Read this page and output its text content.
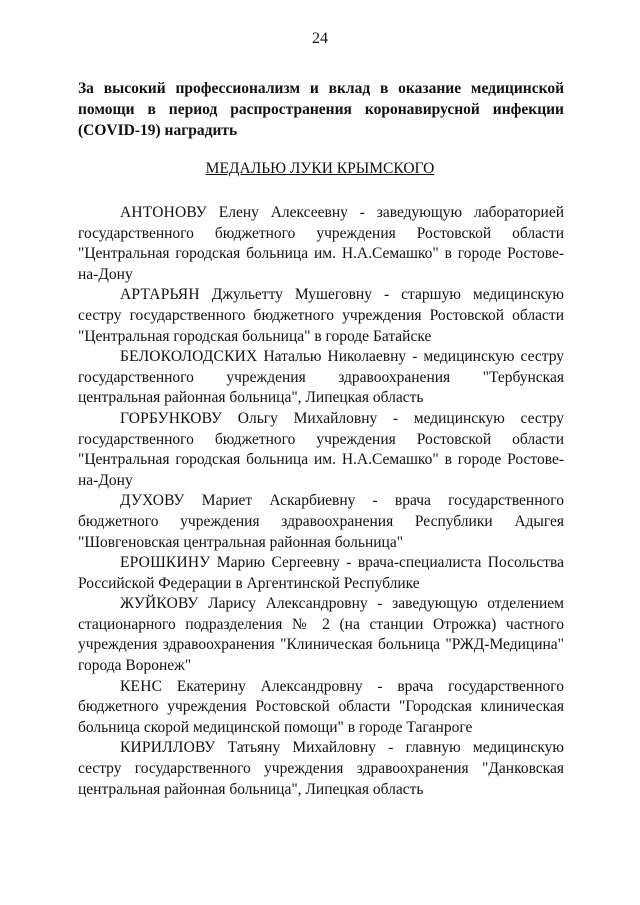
24
За высокий профессионализм и вклад в оказание медицинской помощи в период распространения коронавирусной инфекции (COVID-19) наградить
МЕДАЛЬЮ ЛУКИ КРЫМСКОГО

АНТОНОВУ Елену Алексеевну - заведующую лабораторией государственного бюджетного учреждения Ростовской области "Центральная городская больница им. Н.А.Семашко" в городе Ростове-на-Дону

АРТАРЬЯН Джульетту Мушеговну - старшую медицинскую сестру государственного бюджетного учреждения Ростовской области "Центральная городская больница" в городе Батайске

БЕЛОКОЛОДСКИХ Наталью Николаевну - медицинскую сестру государственного учреждения здравоохранения "Тербунская центральная районная больница", Липецкая область

ГОРБУНКОВУ Ольгу Михайловну - медицинскую сестру государственного бюджетного учреждения Ростовской области "Центральная городская больница им. Н.А.Семашко" в городе Ростове-на-Дону

ДУХОВУ Мариет Аскарбиевну - врача государственного бюджетного учреждения здравоохранения Республики Адыгея "Шовгеновская центральная районная больница"

ЕРОШКИНУ Марию Сергеевну - врача-специалиста Посольства Российской Федерации в Аргентинской Республике

ЖУЙКОВУ Ларису Александровну - заведующую отделением стационарного подразделения № 2 (на станции Отрожка) частного учреждения здравоохранения "Клиническая больница "РЖД-Медицина" города Воронеж"

КЕНС Екатерину Александровну - врача государственного бюджетного учреждения Ростовской области "Городская клиническая больница скорой медицинской помощи" в городе Таганроге

КИРИЛЛОВУ Татьяну Михайловну - главную медицинскую сестру государственного учреждения здравоохранения "Данковская центральная районная больница", Липецкая область
